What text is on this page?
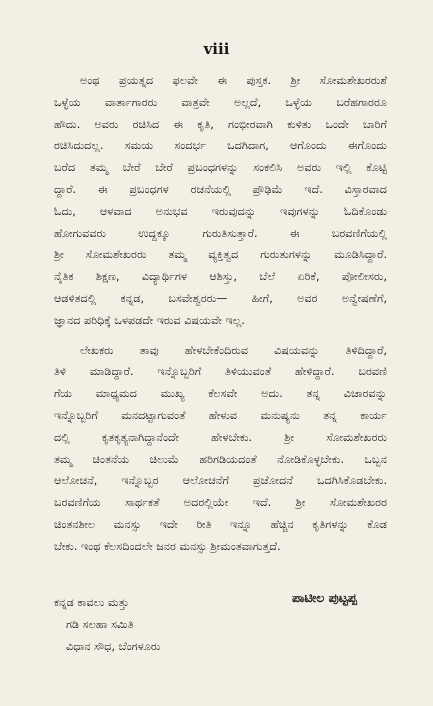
viii
ಅಂಥ ಪ್ರಯತ್ನದ ಫಲವೇ ಈ ಪುಸ್ತಕ. ಶ್ರೀ ಸೋಮಶೇಖರರುಶೆ
ಒಳ್ಳೆಯ ವಾರ್ತಾಗಾರರು ವಾತ್ರವೇ ಅಲ್ಲದೆ, ಒಳ್ಳೆಯ ಬರೆಹಗಾರರೂ
ಹೌದು. ಅವರು ರಚಿಸಿದ ಈ ಕೃತಿ, ಗಂಭೀರವಾಗಿ ಕುಳಿತು ಒಂದೇ ಬಾರಿಗೆ
ರಚಿಸಿದುದಲ್ಲ. ಸಮಯ ಸಂದರ್ಭ ಒದಗಿದಾಗ, ಆಗೊಂದು ಈಗೊಂದು
ಬರೆದ ತಮ್ಮ ಬೇರೆ ಬೇರೆ ಪ್ರಬಂಧಗಳನ್ನು ಸಂಕಲಿಸಿ ಅವರು ಇಲ್ಲಿ ಕೊಟ್ಟಿ
ದ್ದಾರೆ. ಈ ಪ್ರಬಂಧಗಳ ರಚನೆಯಲ್ಲಿ ಪ್ರೌಢಿಮೆ ಇದೆ. ವಿಸ್ತಾರವಾದ
ಓದು, ಆಳವಾದ ಅನುಭವ ಇರುವುದನ್ನು ಇವುಗಳನ್ನು ಓದಿಕೊಂಡು
ಹೋಗುವವರು ಉದ್ದಕ್ಕೂ ಗುರುತಿಸುತ್ತಾರೆ. ಈ ಬರವಣಿಗೆಯಲ್ಲಿ
ಶ್ರೀ ಸೋಮಶೇಖರರು ತಮ್ಮ ವ್ಯಕ್ತಿತ್ವದ ಗುರುತುಗಳನ್ನು ಮೂಡಿಸಿದ್ದಾರೆ.
ನೈತಿಕ ಶಿಕ್ಷಣ, ವಿದ್ಯಾರ್ಥಿಗಳ ಆಶಿಸ್ತು, ಬೆಲೆ ಏರಿಕೆ, ಪೋಲೀಸರು,
ಆಡಳಿತದಲ್ಲಿ ಕನ್ನಡ, ಬಸವೇಶ್ವರರು— ಹೀಗೆ, ಅವರ ಅನ್ವೇಷಣೆಗೆ,
ಜ್ಞಾನದ ಪರಿಧಿಕ್ಕೆ ಒಳಪಡದೇ ಇರುವ ವಿಷಯವೇ ಇಲ್ಲ.
ಲೇಖಕರು ತಾವು ಹೇಳಬೇಕೆಂದಿರುವ ವಿಷಯವನ್ನು ತಿಳಿದಿದ್ದಾರೆ,
ತಿಳಿ ಮಾಡಿದ್ದಾರೆ. ಇನ್ನೊಬ್ಬರಿಗೆ ತಿಳಿಯುವಂತೆ ಹೇಳಿದ್ದಾರೆ. ಬರವಣಿ
ಗೆಯ ಮಾಧ್ಯಮದ ಮುಖ್ಯ ಕೆಲಸವೇ ಅದು. ತನ್ನ ವಿಚಾರವನ್ನು
ಇನ್ನೊಬ್ಬರಿಗೆ ಮನದಟ್ಟಾಗುವಂತೆ ಹೇಳುವ ಮನುಷ್ಯನು ತನ್ನ ಕಾರ್ಯ
ದಲ್ಲಿ ಕೃತಕೃತ್ಯನಾಗಿದ್ದಾನೆಂದೇ ಹೇಳಬೇಕು. ಶ್ರೀ ಸೋಮಶೇಖರರು
ತಮ್ಮ ಚಿಂತನೆಯ ಚಿಲುಮೆ ಹರಿಗಡಿಯದಂತೆ ನೋಡಿಕೊಳ್ಳಬೇಕು. ಒಬ್ಬನ
ಆಲೋಚನೆ, ಇನ್ನೊಬ್ಬರ ಆಲೋಚನೆಗೆ ಪ್ರಚೋದನೆ ಒದಗಿಸಿಕೊಡಬೇಕು.
ಬರವಣಿಗೆಯ ಸಾರ್ಥಕತೆ ಅದರಲ್ಲಿಯೇ ಇದೆ. ಶ್ರೀ ಸೋಮಶೇಖರರ
ಚಿಂತನಶೀಲ ಮನಸ್ಸು ಇದೇ ರೀತಿ ಇನ್ನೂ ಹೆಚ್ಚಿನ ಕೃತಿಗಳನ್ನು ಕೊಡ
ಬೇಕು. ಇಂಥ ಕೆಲಸದಿಂದಲೇ ಜನರ ಮನಸ್ಸು ಶ್ರೀಮಂತವಾಗುತ್ತದೆ.
ಕನ್ನಡ ಕಾವಲು ಮತ್ತು
ಗಡಿ ಸಲಹಾ ಸಮಿತಿ
ವಿಧಾನ ಸೌಧ, ಬೆಂಗಳೂರು
ಪಾಟೀಲ ಪುಟ್ಟಪ್ಪ
